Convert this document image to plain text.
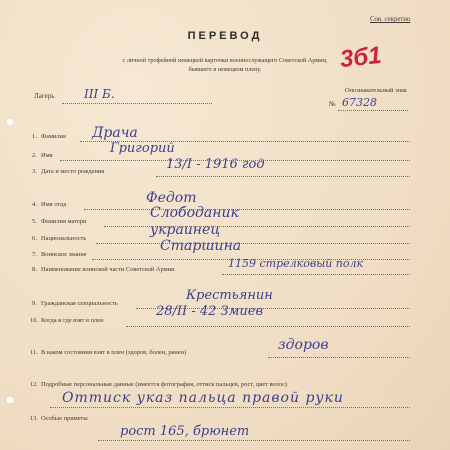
Сов. секретно
ПЕРЕВОД
с личной трофейной немецкой карточки военнослужащего Советской Армии,
бывшего в немецком плену.	3б1
Лагерь III Б.	Опознавательный знак
№ 67328
1. Фамилия Драча
2. Имя	Григорий
3. Дата и место рождения	13/I - 1916 год
4. Имя отца	Федот
5. Фамилия матери
Слободаник
6. Национальность
украинец
7. Воинское звание
Старшина
8. Наименование воинской части Советской Армии	1159 стрелковый полк
9. Гражданская специальность
Крестьянин
10. Когда и где взят в плен
28/II - 42 Змиев
11. В каком состоянии взят в плен (здоров, болен, ранен)	здоров
12. Подробные персональные данные (имеется фотография, оттиск пальцев, рост, цвет волос)
Оттиск указ пальца правой руки
13. Особые приметы
рост 165, брюнет
